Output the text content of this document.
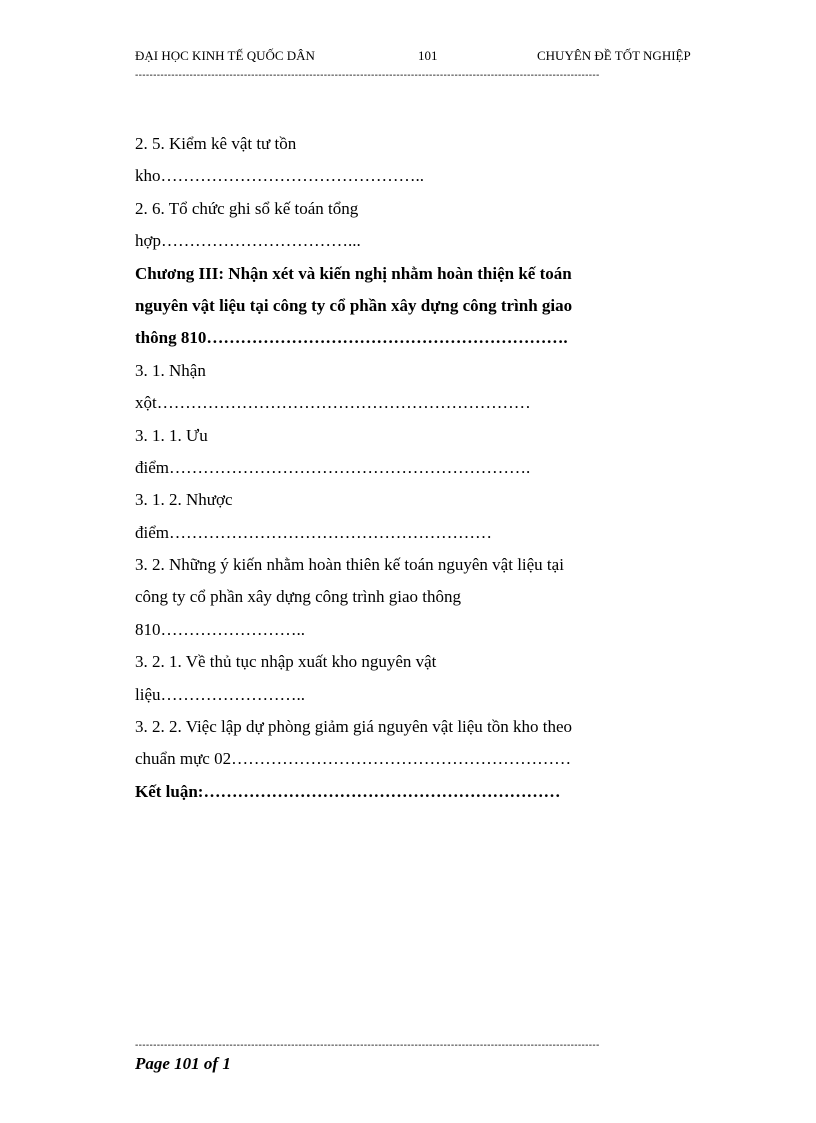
ĐẠI HỌC KINH TẾ QUỐC DÂN	101	CHUYÊN ĐỀ TỐT NGHIỆP
--------------------------------------------------------------------------------------------------------------------------------
2. 5. Kiểm kê vật tư tồn
kho………………………………………..
2. 6. Tổ chức ghi sổ kế toán tổng
hợp……………………………...
Chương III: Nhận xét và kiến nghị nhằm hoàn thiện kế toán
nguyên vật liệu tại công ty cổ phần xây dựng công trình giao
thông 810……………………………………………………….
3. 1. Nhận
xột…………………………………………………………
3. 1. 1. Ưu
điểm……………………………………………………….
3. 1. 2. Nhược
điểm…………………………………………………
3. 2. Những ý kiến nhằm hoàn thiên kế toán nguyên vật liệu tại
công ty cổ phần xây dựng công trình giao thông
810……………………..
3. 2. 1. Về thủ tục nhập xuất kho nguyên vật
liệu……………………..
3. 2. 2. Việc lập dự phòng giảm giá nguyên vật liệu tồn kho theo
chuẩn mực 02……………………………………………………
Kết luận:………………………………………………………
--------------------------------------------------------------------------------------------------------------------------------
Page 101 of 1
